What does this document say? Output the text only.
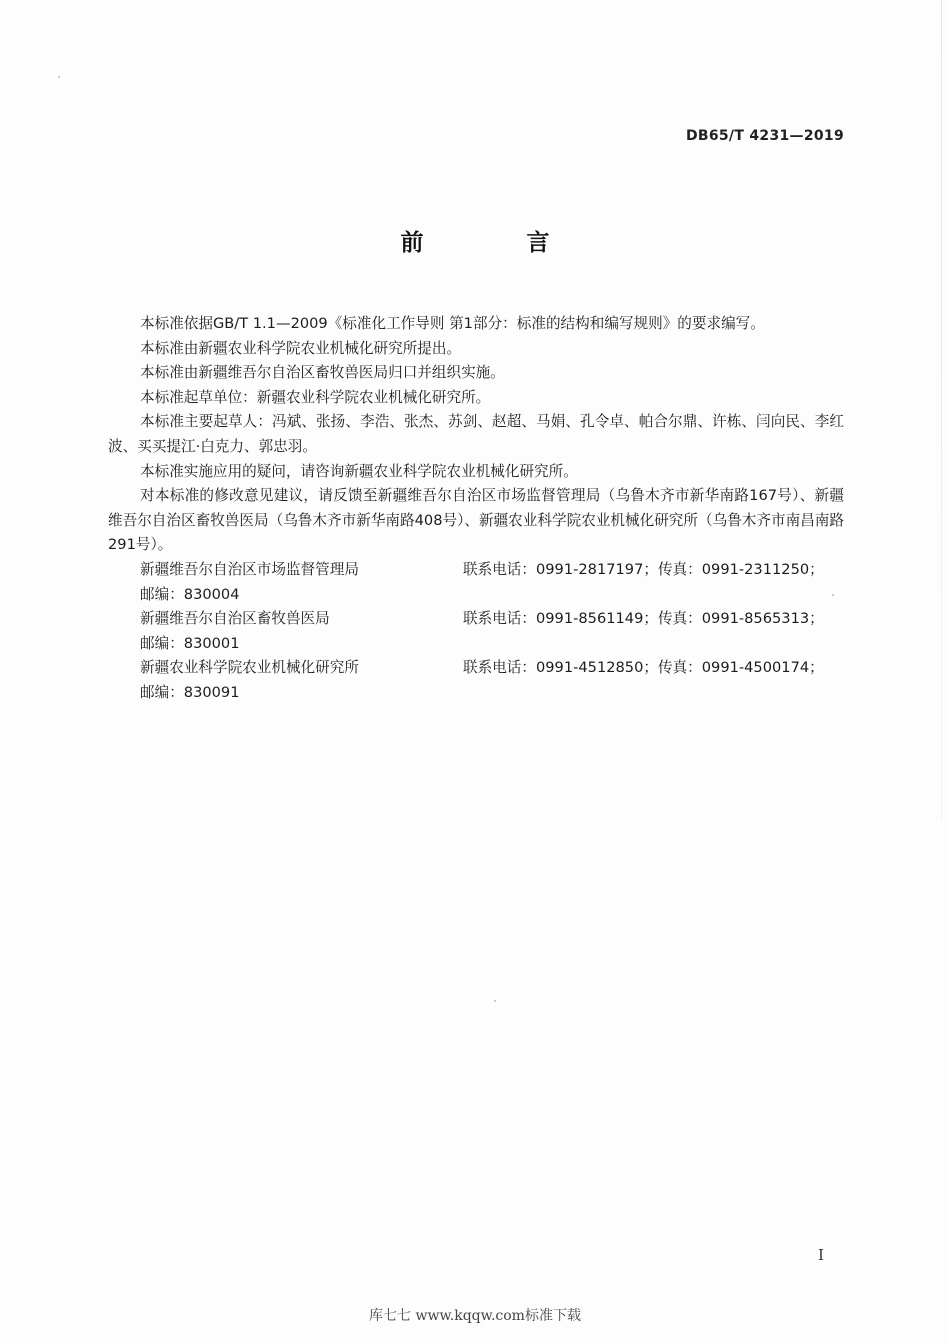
DB65/T 4231—2019
前　言

本标准依据GB/T 1.1—2009《标准化工作导则 第1部分：标准的结构和编写规则》的要求编写。

本标准由新疆农业科学院农业机械化研究所提出。

本标准由新疆维吾尔自治区畜牧兽医局归口并组织实施。

本标准起草单位：新疆农业科学院农业机械化研究所。

本标准主要起草人：冯斌、张扬、李浩、张杰、苏剑、赵超、马娟、孔令卓、帕合尔鼎、许栋、闫向民、李红波、买买提江·白克力、郭忠羽。

本标准实施应用的疑问，请咨询新疆农业科学院农业机械化研究所。

对本标准的修改意见建议，请反馈至新疆维吾尔自治区市场监督管理局（乌鲁木齐市新华南路167号）、新疆维吾尔自治区畜牧兽医局（乌鲁木齐市新华南路408号）、新疆农业科学院农业机械化研究所（乌鲁木齐市南昌南路291号）。

新疆维吾尔自治区市场监督管理局	联系电话：0991-2817197；传真：0991-2311250；

邮编：830004

新疆维吾尔自治区畜牧兽医局	联系电话：0991-8561149；传真：0991-8565313；

邮编：830001

新疆农业科学院农业机械化研究所	联系电话：0991-4512850；传真：0991-4500174；

邮编：830091

I
库七七 www.kqqw.com标准下载
